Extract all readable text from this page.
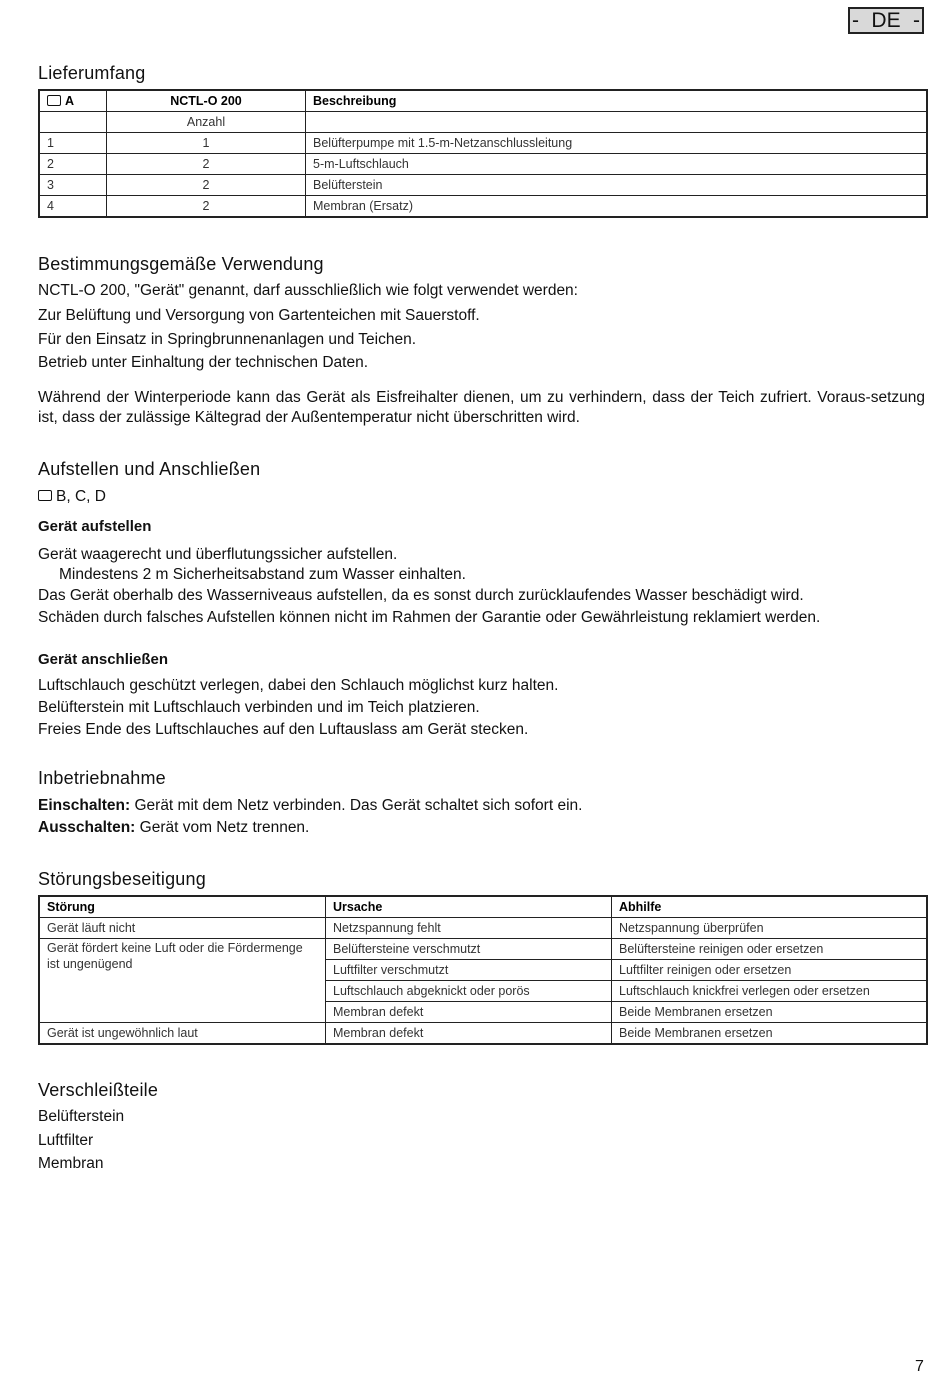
- DE -
Lieferumfang
A	NCTL-O 200	Beschreibung
	Anzahl	
1	1	Belüfterpumpe mit 1.5-m-Netzanschlussleitung
2	2	5-m-Luftschlauch
3	2	Belüfterstein
4	2	Membran (Ersatz)
Bestimmungsgemäße Verwendung
NCTL-O 200, "Gerät" genannt, darf ausschließlich wie folgt verwendet werden:
Zur Belüftung und Versorgung von Gartenteichen mit Sauerstoff.
Für den Einsatz in Springbrunnenanlagen und Teichen.
Betrieb unter Einhaltung der technischen Daten.
Während der Winterperiode kann das Gerät als Eisfreihalter dienen, um zu verhindern, dass der Teich zufriert. Voraus-setzung ist, dass der zulässige Kältegrad der Außentemperatur nicht überschritten wird.
Aufstellen und Anschließen
B, C, D
Gerät aufstellen
Gerät waagerecht und überflutungssicher aufstellen.
Mindestens 2 m Sicherheitsabstand zum Wasser einhalten.
Das Gerät oberhalb des Wasserniveaus aufstellen, da es sonst durch zurücklaufendes Wasser beschädigt wird.
Schäden durch falsches Aufstellen können nicht im Rahmen der Garantie oder Gewährleistung reklamiert werden.
Gerät anschließen
Luftschlauch geschützt verlegen, dabei den Schlauch möglichst kurz halten.
Belüfterstein mit Luftschlauch verbinden und im Teich platzieren.
Freies Ende des Luftschlauches auf den Luftauslass am Gerät stecken.
Inbetriebnahme
Einschalten: Gerät mit dem Netz verbinden. Das Gerät schaltet sich sofort ein.
Ausschalten: Gerät vom Netz trennen.
Störungsbeseitigung
Störung	Ursache	Abhilfe
Gerät läuft nicht	Netzspannung fehlt	Netzspannung überprüfen
Gerät fördert keine Luft oder die Fördermenge ist ungenügend	Belüftersteine verschmutzt	Belüftersteine reinigen oder ersetzen
	Luftfilter verschmutzt	Luftfilter reinigen oder ersetzen
	Luftschlauch abgeknickt oder porös	Luftschlauch knickfrei verlegen oder ersetzen
	Membran defekt	Beide Membranen ersetzen
Gerät ist ungewöhnlich laut	Membran defekt	Beide Membranen ersetzen
Verschleißteile
Belüfterstein
Luftfilter
Membran
7
